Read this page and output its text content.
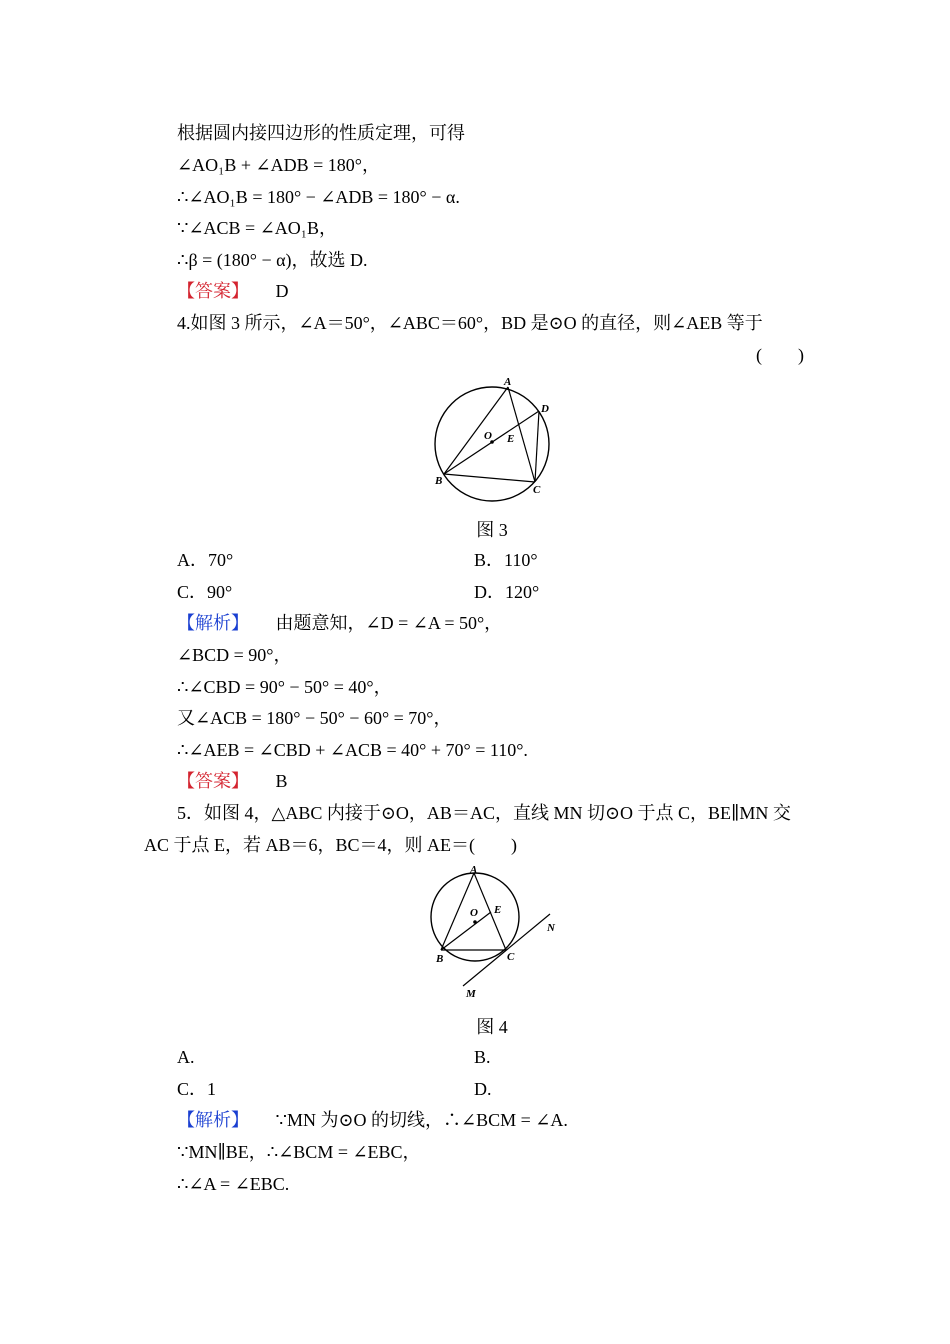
根据圆内接四边形的性质定理，可得
∠AO₁B + ∠ADB = 180°，
∴∠AO₁B = 180° − ∠ADB = 180° − α.
∵∠ACB = ∠AO₁B，
∴β = (180° − α)，故选 D.
【答案】 D
4.如图 3 所示，∠A＝50°，∠ABC＝60°，BD 是⊙O 的直径，则∠AEB 等于
(　　)
A
D
O E
B
C
图 3
A．70°	B．110°
C．90°	D．120°
【解析】 由题意知，∠D = ∠A = 50°，
∠BCD = 90°，
∴∠CBD = 90° − 50° = 40°，
又∠ACB = 180° − 50° − 60° = 70°，
∴∠AEB = ∠CBD + ∠ACB = 40° + 70° = 110°.
【答案】 B
5．如图 4，△ABC 内接于⊙O，AB＝AC，直线 MN 切⊙O 于点 C，BE∥MN 交
AC 于点 E，若 AB＝6，BC＝4，则 AE＝(　　)
A
O E
N
B	C
M
图 4
A.	B.
C．1	D.
【解析】 ∵MN 为⊙O 的切线，∴∠BCM = ∠A.
∵MN∥BE，∴∠BCM = ∠EBC，
∴∠A = ∠EBC.
